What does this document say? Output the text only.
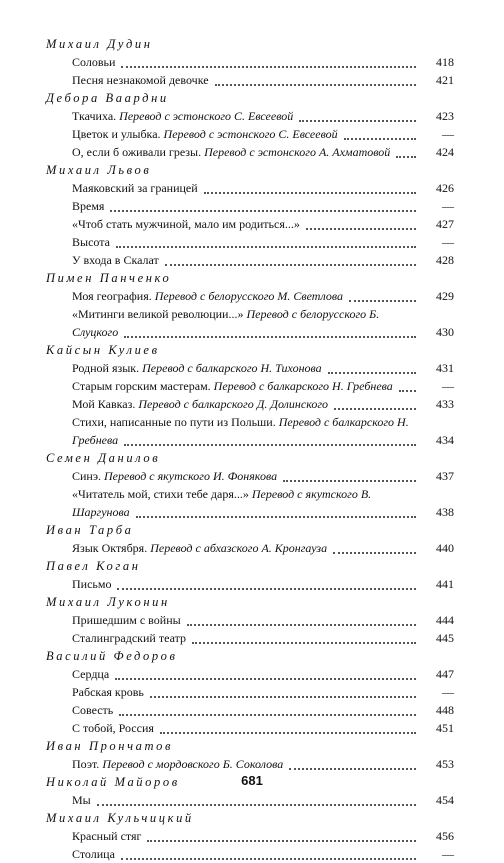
Михаил Дудин
Соловьи	418
Песня незнакомой девочке	421
Дебора Ваардни
Ткачиха. Перевод с эстонского С. Евсеевой	423
Цветок и улыбка. Перевод с эстонского С. Евсеевой	—
О, если б оживали грезы. Перевод с эстонского А. Ахматовой	424
Михаил Львов
Маяковский за границей	426
Время	—
«Чтоб стать мужчиной, мало им родиться...»	427
Высота	—
У входа в Скалат	428
Пимен Панченко
Моя география. Перевод с белорусского М. Светлова	429
«Митинги великой революции...» Перевод с белорусского Б. Слуцкого	430
Кайсын Кулиев
Родной язык. Перевод с балкарского Н. Тихонова	431
Старым горским мастерам. Перевод с балкарского Н. Гребнева	—
Мой Кавказ. Перевод с балкарского Д. Долинского	433
Стихи, написанные по пути из Польши. Перевод с балкарского Н. Гребнева	434
Семен Данилов
Синэ. Перевод с якутского И. Фонякова	437
«Читатель мой, стихи тебе даря...» Перевод с якутского В. Шаргунова	438
Иван Тарба
Язык Октября. Перевод с абхазского А. Кронгауза	440
Павел Коган
Письмо	441
Михаил Луконин
Пришедшим с войны	444
Сталинградский театр	445
Василий Федоров
Сердца	447
Рабская кровь	—
Совесть	448
С тобой, Россия	451
Иван Прончатов
Поэт. Перевод с мордовского Б. Соколова	453
Николай Майоров
Мы	454
Михаил Кульчицкий
Красный стяг	456
Столица	—
681
